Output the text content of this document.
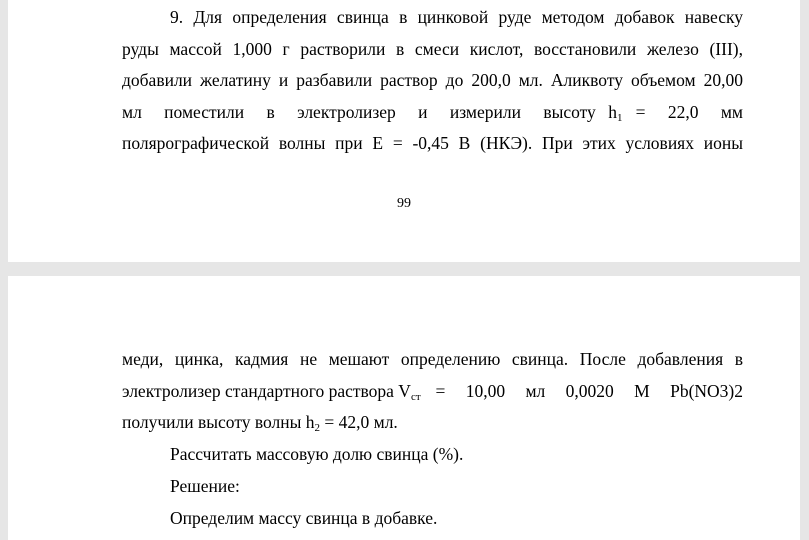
9. Для определения свинца в цинковой руде методом добавок навеску
руды массой 1,000 г растворили в смеси кислот, восстановили железо (III),
добавили желатину и разбавили раствор до 200,0 мл. Аликвоту объемом 20,00
мл поместили в электролизер и измерили высоту $h_1 = 22,0$ мм
полярографической волны при Е = -0,45 В (НКЭ). При этих условиях ионы
99
меди, цинка, кадмия не мешают определению свинца. После добавления в
электролизер стандартного раствора $V_{ст} = 10,00$ мл 0,0020 М Pb(NO3)2
получили высоту волны $h_2 = 42,0$ мл.
Рассчитать массовую долю свинца (%).
Решение:
Определим массу свинца в добавке.
